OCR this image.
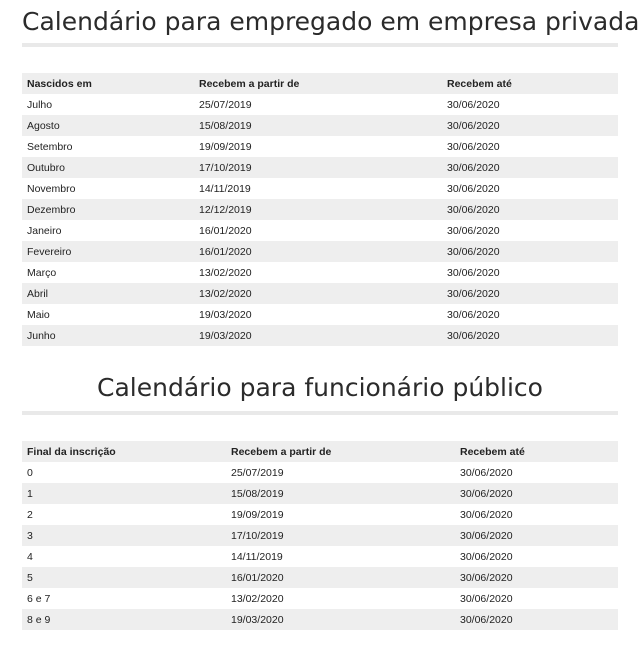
Calendário para empregado em empresa privada
Nascidos em	Recebem a partir de	Recebem até
Julho	25/07/2019	30/06/2020
Agosto	15/08/2019	30/06/2020
Setembro	19/09/2019	30/06/2020
Outubro	17/10/2019	30/06/2020
Novembro	14/11/2019	30/06/2020
Dezembro	12/12/2019	30/06/2020
Janeiro	16/01/2020	30/06/2020
Fevereiro	16/01/2020	30/06/2020
Março	13/02/2020	30/06/2020
Abril	13/02/2020	30/06/2020
Maio	19/03/2020	30/06/2020
Junho	19/03/2020	30/06/2020
Calendário para funcionário público
Final da inscrição	Recebem a partir de	Recebem até
0	25/07/2019	30/06/2020
1	15/08/2019	30/06/2020
2	19/09/2019	30/06/2020
3	17/10/2019	30/06/2020
4	14/11/2019	30/06/2020
5	16/01/2020	30/06/2020
6 e 7	13/02/2020	30/06/2020
8 e 9	19/03/2020	30/06/2020
